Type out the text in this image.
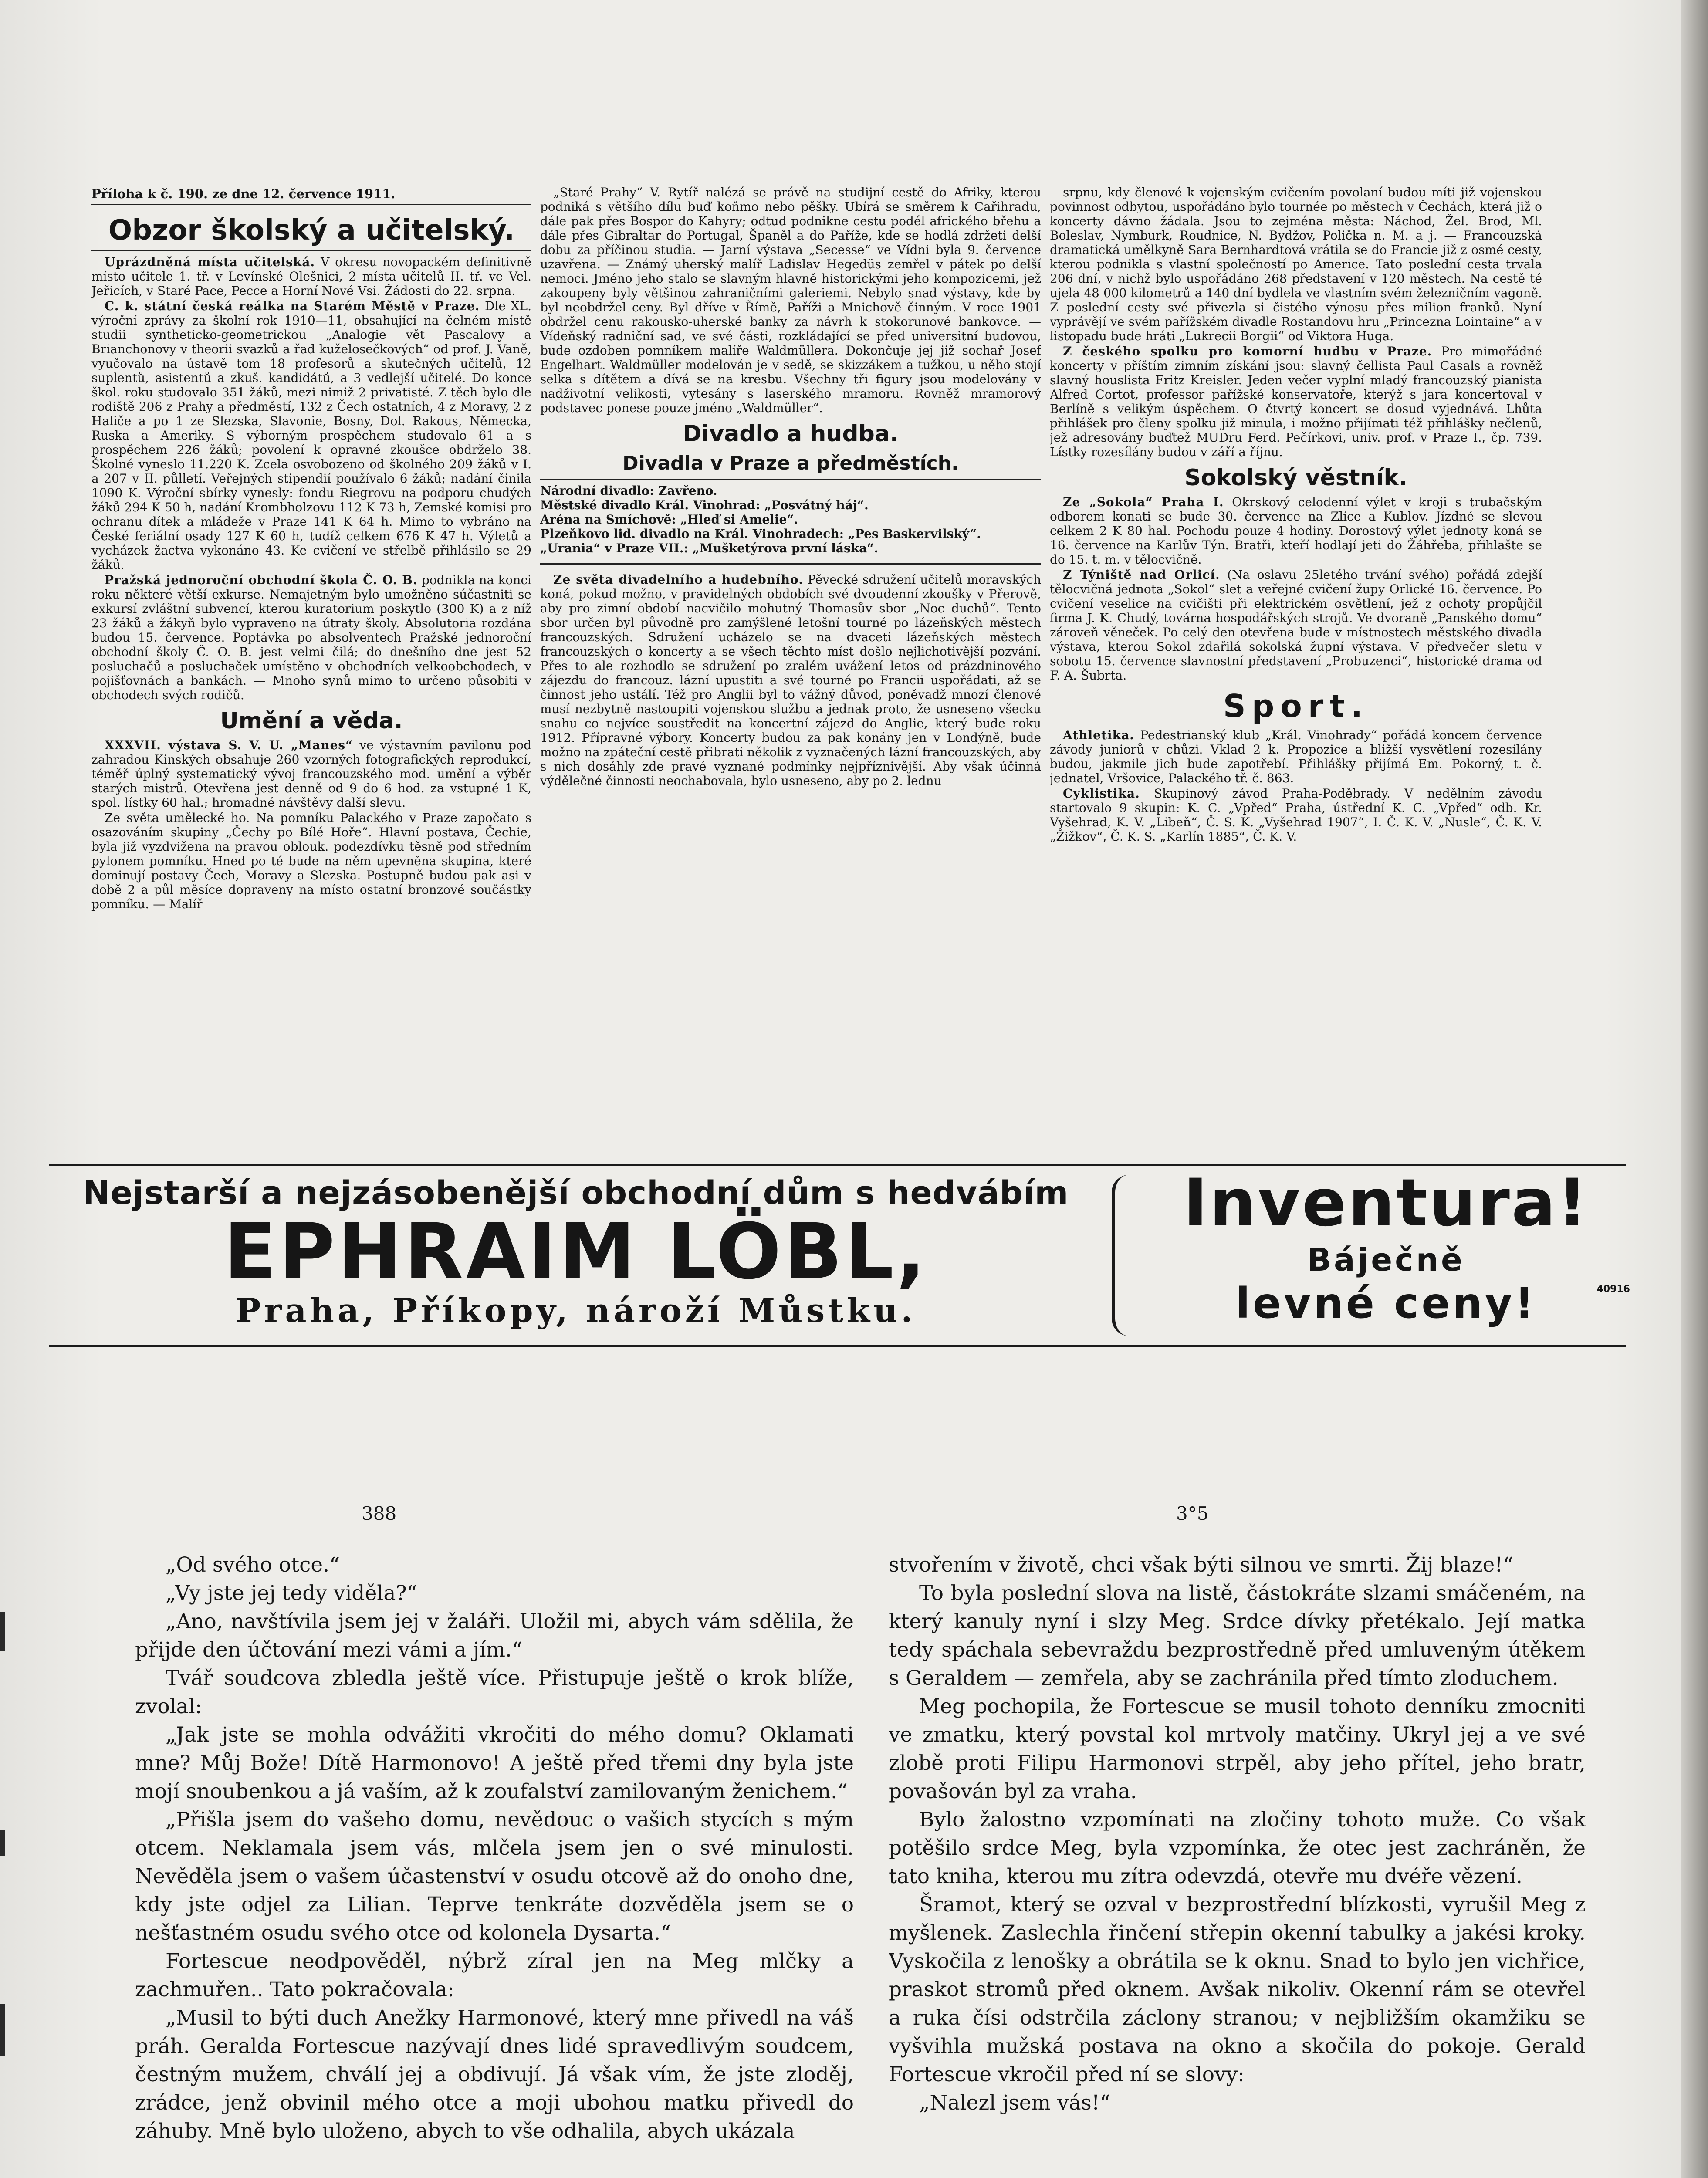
Příloha k č. 190. ze dne 12. července 1911.
Obzor školský a učitelský.

Uprázdněná místa učitelská. V okresu novopackém definitivně místo učitele 1. tř. v Levínské Olešnici, 2 místa učitelů II. tř. ve Vel. Jeřicích, v Staré Pace, Pecce a Horní Nové Vsi. Žádosti do 22. srpna.

C. k. státní česká reálka na Starém Městě v Praze. Dle XL. výroční zprávy za školní rok 1910—11, obsahující na čelném místě studii syntheticko-geometrickou „Analogie vět Pascalovy a Brianchonovy v theorii svazků a řad kuželosečkových“ od prof. J. Vaně, vyučovalo na ústavě tom 18 profesorů a skutečných učitelů, 12 suplentů, asistentů a zkuš. kandidátů, a 3 vedlejší učitelé. Do konce škol. roku studovalo 351 žáků, mezi nimiž 2 privatisté. Z těch bylo dle rodiště 206 z Prahy a předměstí, 132 z Čech ostatních, 4 z Moravy, 2 z Haliče a po 1 ze Slezska, Slavonie, Bosny, Dol. Rakous, Německa, Ruska a Ameriky. S výborným prospěchem studovalo 61 a s prospěchem 226 žáků; povolení k opravné zkoušce obdrželo 38. Školné vyneslo 11.220 K. Zcela osvobozeno od školného 209 žáků v I. a 207 v II. půlletí. Veřejných stipendií používalo 6 žáků; nadání činila 1090 K. Výroční sbírky vynesly: fondu Riegrovu na podporu chudých žáků 294 K 50 h, nadání Krombholzovu 112 K 73 h, Zemské komisi pro ochranu dítek a mládeže v Praze 141 K 64 h. Mimo to vybráno na České feriální osady 127 K 60 h, tudíž celkem 676 K 47 h. Výletů a vycházek žactva vykonáno 43. Ke cvičení ve střelbě přihlásilo se 29 žáků.

Pražská jednoroční obchodní škola Č. O. B. podnikla na konci roku některé větší exkurse. Nemajetným bylo umožněno súčastniti se exkursí zvláštní subvencí, kterou kuratorium poskytlo (300 K) a z níž 23 žáků a žákyň bylo vypraveno na útraty školy. Absolutoria rozdána budou 15. července. Poptávka po absolventech Pražské jednoroční obchodní školy Č. O. B. jest velmi čilá; do dnešního dne jest 52 posluchačů a posluchaček umístěno v obchodních velkoobchodech, v pojišťovnách a bankách. — Mnoho synů mimo to určeno působiti v obchodech svých rodičů.

Umění a věda.

XXXVII. výstava S. V. U. „Manes“ ve výstavním pavilonu pod zahradou Kinských obsahuje 260 vzorných fotografických reprodukcí, téměř úplný systematický vývoj francouzského mod. umění a výběr starých mistrů. Otevřena jest denně od 9 do 6 hod. za vstupné 1 K, spol. lístky 60 hal.; hromadné návštěvy další slevu.

Ze světa umělecké ho. Na pomníku Palackého v Praze započato s osazováním skupiny „Čechy po Bílé Hoře“. Hlavní postava, Čechie, byla již vyzdvižena na pravou oblouk. podezdívku těsně pod středním pylonem pomníku. Hned po té bude na něm upevněna skupina, které dominují postavy Čech, Moravy a Slezska. Postupně budou pak asi v době 2 a půl měsíce dopraveny na místo ostatní bronzové součástky pomníku. — Malíř

„Staré Prahy“ V. Rytíř nalézá se právě na studijní cestě do Afriky, kterou podniká s většího dílu buď koňmo nebo pěšky. Ubírá se směrem k Cařihradu, dále pak přes Bospor do Kahyry; odtud podnikne cestu podél afrického břehu a dále přes Gibraltar do Portugal, Španěl a do Paříže, kde se hodlá zdržeti delší dobu za příčinou studia. — Jarní výstava „Secesse“ ve Vídni byla 9. července uzavřena. — Známý uherský malíř Ladislav Hegedüs zemřel v pátek po delší nemoci. Jméno jeho stalo se slavným hlavně historickými jeho kompozicemi, jež zakoupeny byly většinou zahraničními galeriemi. Nebylo snad výstavy, kde by byl neobdržel ceny. Byl dříve v Římě, Paříži a Mnichově činným. V roce 1901 obdržel cenu rakousko-uherské banky za návrh k stokorunové bankovce. — Vídeňský radniční sad, ve své části, rozkládající se před universitní budovou, bude ozdoben pomníkem malíře Waldmüllera. Dokončuje jej již sochař Josef Engelhart. Waldmüller modelován je v sedě, se skizzákem a tužkou, u něho stojí selka s dítětem a dívá se na kresbu. Všechny tři figury jsou modelovány v nadživotní velikosti, vytesány s laserského mramoru. Rovněž mramorový podstavec ponese pouze jméno „Waldmüller“.

Divadlo a hudba.
Divadla v Praze a předměstích.
Národní divadlo: Zavřeno.
Městské divadlo Král. Vinohrad: „Posvátný háj“.
Aréna na Smíchově: „Hleď si Amelie“.
Plzeňkovo lid. divadlo na Král. Vinohradech: „Pes Baskervilský“.
„Urania“ v Praze VII.: „Mušketýrova první láska“.

Ze světa divadelního a hudebního. Pěvecké sdružení učitelů moravských koná, pokud možno, v pravidelných obdobích své dvoudenní zkoušky v Přerově, aby pro zimní období nacvičilo mohutný Thomasův sbor „Noc duchů“. Tento sbor určen byl původně pro zamýšlené letošní tourné po lázeňských městech francouzských. Sdružení ucházelo se na dvaceti lázeňských městech francouzských o koncerty a se všech těchto míst došlo nejlichotivější pozvání. Přes to ale rozhodlo se sdružení po zralém uvážení letos od prázdninového zájezdu do francouz. lázní upustiti a své tourné po Francii uspořádati, až se činnost jeho ustálí. Též pro Anglii byl to vážný důvod, poněvadž mnozí členové musí nezbytně nastoupiti vojenskou službu a jednak proto, že usneseno všecku snahu co nejvíce soustředit na koncertní zájezd do Anglie, který bude roku 1912. Přípravné výbory. Koncerty budou za pak konány jen v Londýně, bude možno na zpáteční cestě přibrati několik z vyznačených lázní francouzských, aby s nich dosáhly zde pravé vyznané podmínky nejpříznivější. Aby však účinná výdělečné činnosti neochabovala, bylo usneseno, aby po 2. lednu

srpnu, kdy členové k vojenským cvičením povolaní budou míti již vojenskou povinnost odbytou, uspořádáno bylo tournée po městech v Čechách, která již o koncerty dávno žádala. Jsou to zejména města: Náchod, Žel. Brod, Ml. Boleslav, Nymburk, Roudnice, N. Bydžov, Polička n. M. a j. — Francouzská dramatická umělkyně Sara Bernhardtová vrátila se do Francie již z osmé cesty, kterou podnikla s vlastní společností po Americe. Tato poslední cesta trvala 206 dní, v nichž bylo uspořádáno 268 představení v 120 městech. Na cestě té ujela 48 000 kilometrů a 140 dní bydlela ve vlastním svém železničním vagoně. Z poslední cesty své přivezla si čistého výnosu přes milion franků. Nyní vyprávějí ve svém pařížském divadle Rostandovu hru „Princezna Lointaine“ a v listopadu bude hráti „Lukrecii Borgii“ od Viktora Huga.

Z českého spolku pro komorní hudbu v Praze. Pro mimořádné koncerty v příštím zimním získání jsou: slavný čellista Paul Casals a rovněž slavný houslista Fritz Kreisler. Jeden večer vyplní mladý francouzský pianista Alfred Cortot, professor pařížské konservatoře, kterýž s jara koncertoval v Berlíně s velikým úspěchem. O čtvrtý koncert se dosud vyjednává. Lhůta přihlášek pro členy spolku již minula, i možno přijímati též přihlášky nečlenů, jež adresovány buďtež MUDru Ferd. Pečírkovi, univ. prof. v Praze I., čp. 739. Lístky rozesílány budou v září a říjnu.

Sokolský věstník.

Ze „Sokola“ Praha I. Okrskový celodenní výlet v kroji s trubačským odborem konati se bude 30. července na Zlíce a Kublov. Jízdné se slevou celkem 2 K 80 hal. Pochodu pouze 4 hodiny. Dorostový výlet jednoty koná se 16. července na Karlův Týn. Bratři, kteří hodlají jeti do Žáhřeba, přihlašte se do 15. t. m. v tělocvičně.

Z Týniště nad Orlicí. (Na oslavu 25letého trvání svého) pořádá zdejší tělocvičná jednota „Sokol“ slet a veřejné cvičení župy Orlické 16. července. Po cvičení veselice na cvičišti při elektrickém osvětlení, jež z ochoty propůjčil firma J. K. Chudý, továrna hospodářských strojů. Ve dvoraně „Panského domu“ zároveň věneček. Po celý den otevřena bude v místnostech městského divadla výstava, kterou Sokol zdařilá sokolská župní výstava. V předvečer sletu v sobotu 15. července slavnostní představení „Probuzenci“, historické drama od F. A. Šubrta.

Sport.

Athletika. Pedestrianský klub „Král. Vinohrady“ pořádá koncem července závody juniorů v chůzi. Vklad 2 k. Propozice a bližší vysvětlení rozesílány budou, jakmile jich bude zapotřebí. Přihlášky přijímá Em. Pokorný, t. č. jednatel, Vršovice, Palackého tř. č. 863.

Cyklistika. Skupinový závod Praha-Poděbrady. V nedělním závodu startovalo 9 skupin: K. C. „Vpřed“ Praha, ústřední K. C. „Vpřed“ odb. Kr. Vyšehrad, K. V. „Libeň“, Č. S. K. „Vyšehrad 1907“, I. Č. K. V. „Nusle“, Č. K. V. „Žižkov“, Č. K. S. „Karlín 1885“, Č. K. V.

Nejstarší a nejzásobenější obchodní dům s hedvábím
EPHRAIM LÖBL,
Praha, Příkopy, nároží Můstku.
Inventura!
Báječně
levné ceny!	40916
388	3°5

„Od svého otce.“

„Vy jste jej tedy viděla?“

„Ano, navštívila jsem jej v žaláři. Uložil mi, abych vám sdělila, že přijde den účtování mezi vámi a jím.“

Tvář soudcova zbledla ještě více. Přistupuje ještě o krok blíže, zvolal:

„Jak jste se mohla odvážiti vkročiti do mého domu? Oklamati mne? Můj Bože! Dítě Harmonovo! A ještě před třemi dny byla jste mojí snoubenkou a já vaším, až k zoufalství zamilovaným ženichem.“

„Přišla jsem do vašeho domu, nevědouc o vašich stycích s mým otcem. Neklamala jsem vás, mlčela jsem jen o své minulosti. Nevěděla jsem o vašem účastenství v osudu otcově až do onoho dne, kdy jste odjel za Lilian. Teprve tenkráte dozvěděla jsem se o nešťastném osudu svého otce od kolonela Dysarta.“

Fortescue neodpověděl, nýbrž zíral jen na Meg mlčky a zachmuřen.. Tato pokračovala:

„Musil to býti duch Anežky Harmonové, který mne přivedl na váš práh. Geralda Fortescue nazývají dnes lidé spravedlivým soudcem, čestným mužem, chválí jej a obdivují. Já však vím, že jste zloděj, zrádce, jenž obvinil mého otce a moji ubohou matku přivedl do záhuby. Mně bylo uloženo, abych to vše odhalila, abych ukázala

stvořením v životě, chci však býti silnou ve smrti. Žij blaze!“

To byla poslední slova na listě, částokráte slzami smáčeném, na který kanuly nyní i slzy Meg. Srdce dívky přetékalo. Její matka tedy spáchala sebevraždu bezprostředně před umluveným útěkem s Geraldem — zemřela, aby se zachránila před tímto zloduchem.

Meg pochopila, že Fortescue se musil tohoto denníku zmocniti ve zmatku, který povstal kol mrtvoly matčiny. Ukryl jej a ve své zlobě proti Filipu Harmonovi strpěl, aby jeho přítel, jeho bratr, povašován byl za vraha.

Bylo žalostno vzpomínati na zločiny tohoto muže. Co však potěšilo srdce Meg, byla vzpomínka, že otec jest zachráněn, že tato kniha, kterou mu zítra odevzdá, otevře mu dvéře vězení.

Šramot, který se ozval v bezprostřední blízkosti, vyrušil Meg z myšlenek. Zaslechla řinčení střepin okenní tabulky a jakési kroky. Vyskočila z lenošky a obrátila se k oknu. Snad to bylo jen vichřice, praskot stromů před oknem. Avšak nikoliv. Okenní rám se otevřel a ruka čísi odstrčila záclony stranou; v nejbližším okamžiku se vyšvihla mužská postava na okno a skočila do pokoje. Gerald Fortescue vkročil před ní se slovy:

„Nalezl jsem vás!“
